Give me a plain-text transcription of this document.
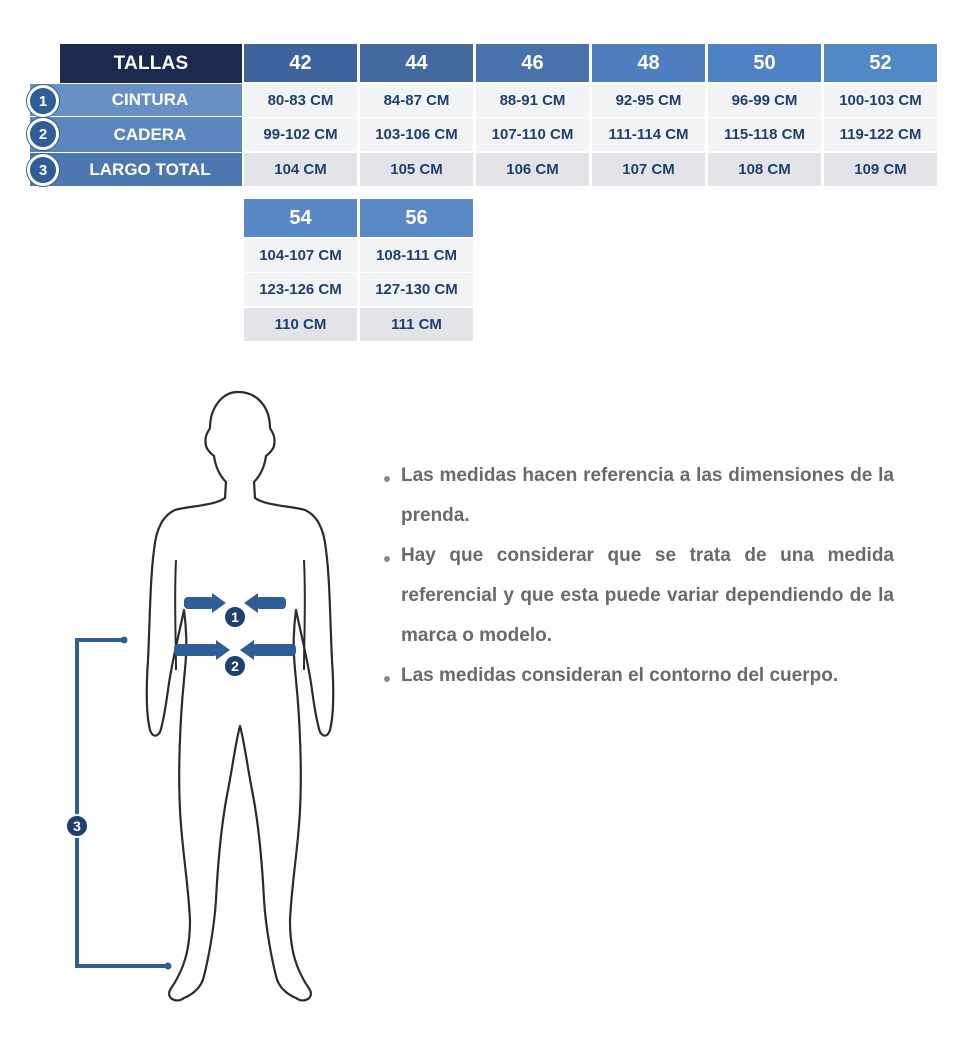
TALLAS
CINTURA
CADERA
LARGO TOTAL
1
2
3
42
80-83 CM
99-102 CM
104 CM
44
84-87 CM
103-106 CM
105 CM
46
88-91 CM
107-110 CM
106 CM
48
92-95 CM
111-114 CM
107 CM
50
96-99 CM
115-118 CM
108 CM
52
100-103 CM
119-122 CM
109 CM
54
104-107 CM
123-126 CM
110 CM
56
108-111 CM
127-130 CM
111 CM
1
2
3
Las medidas hacen referencia a las dimensiones de la prenda.
Hay que considerar que se trata de una medida referencial y que esta puede variar dependiendo de la marca o modelo.
Las medidas consideran el contorno del cuerpo.
